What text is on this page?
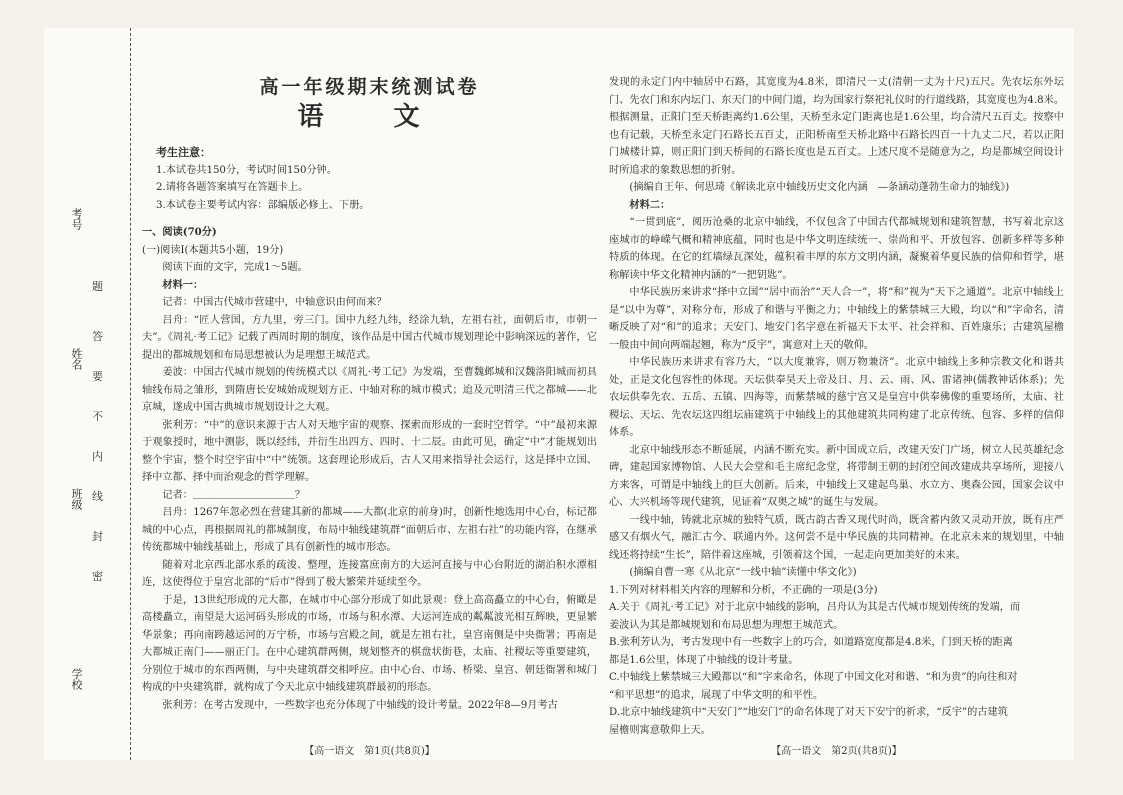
考号
姓名
班级
学校
题
答
要
不
内
线
封
密
高一年级期末统测试卷
语　文
考生注意：
1.本试卷共150分，考试时间150分钟。
2.请将各题答案填写在答题卡上。
3.本试卷主要考试内容：部编版必修上、下册。

一、阅读(70分)

(一)阅读Ⅰ(本题共5小题，19分)

阅读下面的文字，完成1～5题。

材料一：

记者：中国古代城市营建中，中轴意识由何而来？

吕舟：“匠人营国，方九里，旁三门。国中九经九纬，经涂九轨，左祖右社，面朝后市，市朝一夫”。《周礼·考工记》记载了西周时期的制度，该作品是中国古代城市规划理论中影响深远的著作，它提出的都城规划和布局思想被认为是理想王城范式。

姜波：中国古代城市规划的传统模式以《周礼·考工记》为发端，至曹魏邺城和汉魏洛阳城而初具轴线布局之雏形，到隋唐长安城始成规划方正、中轴对称的城市模式；迨及元明清三代之都城——北京城，遂成中国古典城市规划设计之大观。

张利芳：“中”的意识来源于古人对天地宇宙的观察、探索而形成的一套时空哲学。“中”最初来源于观象授时，地中测影，既以经纬，并衍生出四方、四时、十二辰。由此可见，确定“中”才能规划出整个宇宙，整个时空宇宙中“中”统领。这套理论形成后，古人又用来指导社会运行，这是择中立国、择中立都、择中而治观念的哲学理解。

记者：＿＿＿＿＿＿＿＿＿＿？

吕舟：1267年忽必烈在营建其新的都城——大都(北京的前身)时，创新性地选用中心台，标记都城的中心点，再根据周礼的都城制度，布局中轴线建筑群“面朝后市、左祖右社”的功能内容，在继承传统都城中轴线基础上，形成了具有创新性的城市形态。

随着对北京西北部水系的疏浚、整理，连接富庶南方的大运河直接与中心台附近的湖泊积水潭相连，这使得位于皇宫北部的“后市”得到了极大繁荣并延续至今。

于是，13世纪形成的元大都，在城市中心部分形成了如此景观：登上高高矗立的中心台，俯瞰是高楼矗立，南望是大运河码头形成的市场，市场与积水潭、大运河连成的粼粼波光相互辉映，更显繁华景象；再向南跨越运河的万宁桥，市场与宫殿之间，就是左祖右社，皇宫南侧是中央衙署；再南是大都城正南门——丽正门。在中心建筑群两侧，规划整齐的棋盘状街巷，太庙、社稷坛等重要建筑，分别位于城市的东西两侧，与中央建筑群交相呼应。由中心台、市场、桥梁、皇宫、朝廷衙署和城门构成的中央建筑群，就构成了今天北京中轴线建筑群最初的形态。

张利芳：在考古发现中，一些数字也充分体现了中轴线的设计考量。2022年8—9月考古

【高一语文　第1页(共8页)】

发现的永定门内中轴居中石路，其宽度为4.8米，即清尺一丈(清朝一丈为十尺)五尺。先农坛东外坛门、先农门和东内坛门、东天门的中间门道，均为国家行祭祀礼仪时的行道线路，其宽度也为4.8米。根据测量，正阳门至天桥距离约1.6公里，天桥至永定门距离也是1.6公里，均合清尺五百丈。按察中也有记载，天桥至永定门石路长五百丈，正阳桥南至天桥北路中石路长四百一十九丈二尺，若以正阳门城楼计算，则正阳门到天桥间的石路长度也是五百丈。上述尺度不是随意为之，均是都城空间设计时所追求的象数思想的折射。

(摘编自王年、何思琦《解读北京中轴线历史文化内涵　—条涵动蓬勃生命力的轴线》)

材料二：

“一贯到底”，阅历沧桑的北京中轴线，不仅包含了中国古代都城规划和建筑智慧，书写着北京这座城市的峥嵘气概和精神底蕴，同时也是中华文明连续统一、崇尚和平、开放包容、创新多样等多种特质的体现。在它的红墙绿瓦深处，蕴积着丰厚的东方文明内涵，凝聚着华夏民族的信仰和哲学，堪称解读中华文化精神内涵的“一把钥匙”。

中华民族历来讲求“择中立国”“居中而治”“天人合一”，将“和”视为“天下之通道”。北京中轴线上是“以中为尊”，对称分布，形成了和谐与平衡之力；中轴线上的紫禁城三大殿，均以“和”字命名，清晰反映了对“和”的追求；天安门、地安门名字意在祈福天下太平、社会祥和、百姓康乐；古建筑屋檐一般由中间向两端起翘，称为“反宇”，寓意对上天的敬仰。

中华民族历来讲求有容乃大，“以大度兼容，则万物兼济”。北京中轴线上多种宗教文化和谐共处，正是文化包容性的体现。天坛供奉昊天上帝及日、月、云、雨、风、雷诸神(儒教神话体系)；先农坛供奉先农、五岳、五镇、四海等，而紫禁城的慈宁宫又是皇宫中供奉佛像的重要场所，太庙、社稷坛、天坛、先农坛这四组坛庙建筑于中轴线上的其他建筑共同构建了北京传统、包容、多样的信仰体系。

北京中轴线形态不断延展，内涵不断充实。新中国成立后，改建天安门广场，树立人民英雄纪念碑，建起国家博物馆、人民大会堂和毛主席纪念堂，将带制王朝的封闭空间改建成共享场所，迎接八方来客，可谓是中轴线上的巨大创新。后来，中轴线上又建起鸟巢、水立方、奥森公园，国家会议中心、大兴机场等现代建筑，见证着“双奥之城”的诞生与发展。

一线中轴，铸就北京城的独特气质，既古韵古香又现代时尚，既含蓄内敛又灵动开放，既有庄严感又有烟火气，融汇古今、联通内外。这何尝不是中华民族的共同精神。在北京未来的规划里，中轴线还将持续“生长”，陪伴着这座城，引领着这个国，一起走向更加美好的未来。

(摘编自曹一寒《从北京“一线中轴”读懂中华文化》)

1.下列对材料相关内容的理解和分析，不正确的一项是(3分)

A.关于《周礼·考工记》对于北京中轴线的影响，吕舟认为其是古代城市规划传统的发端，而

姜波认为其是都城规划和布局思想为理想王城范式。

B.张利芳认为，考古发现中有一些数字上的巧合，如道路宽度都是4.8米，门到天桥的距离

都是1.6公里，体现了中轴线的设计考量。

C.中轴线上紫禁城三大殿都以“和”字来命名，体现了中国文化对和谐、“和为贵”的向往和对

“和平思想”的追求，展现了中华文明的和平性。

D.北京中轴线建筑中“天安门”“地安门”的命名体现了对天下安宁的祈求，“反宇”的古建筑

屋檐则寓意敬仰上天。

【高一语文　第2页(共8页)】
